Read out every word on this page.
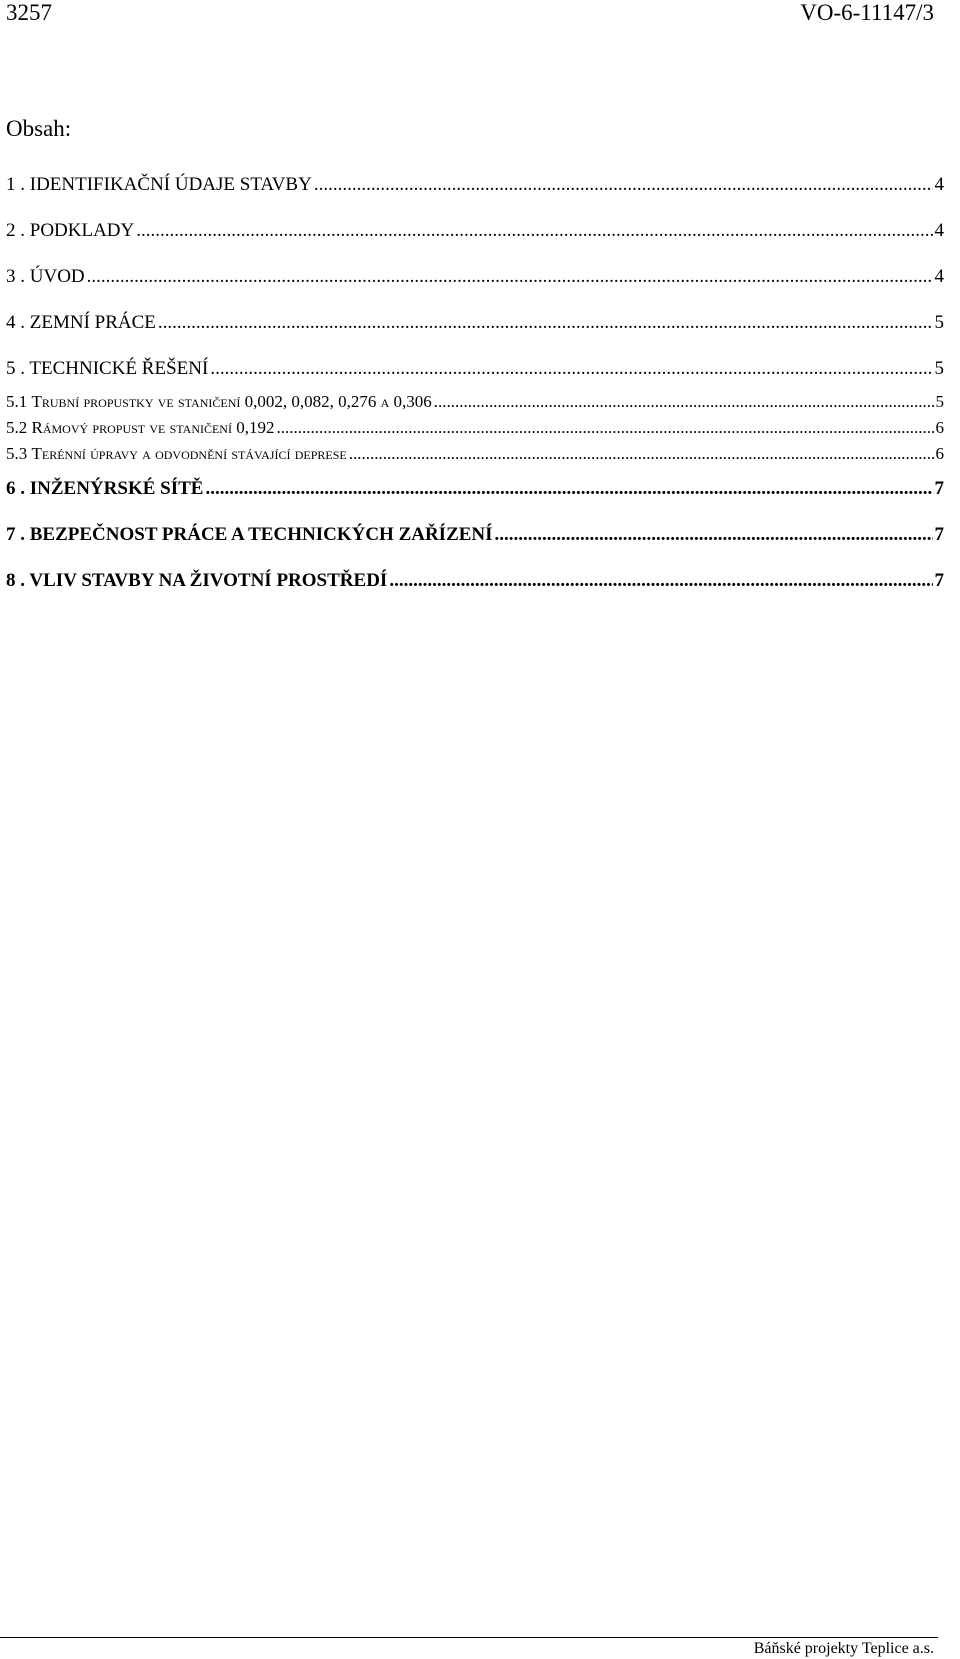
3257	VO-6-11147/3
Obsah:
1 . IDENTIFIKAČNÍ ÚDAJE STAVBY .....	4
2 . PODKLADY .....	4
3 . ÚVOD .....	4
4 . ZEMNÍ PRÁCE .....	5
5 . TECHNICKÉ ŘEŠENÍ .....	5
5.1 Trubní propustky ve staničení 0,002, 0,082, 0,276 a 0,306 .....	5
5.2 Rámový propust ve staničení 0,192 .....	6
5.3 Terénní úpravy a odvodnění stávající deprese .....	6
6 . INŽENÝRSKÉ SÍTĚ .....	7
7 . BEZPEČNOST PRÁCE A TECHNICKÝCH ZAŘÍZENÍ .....	7
8 . VLIV STAVBY NA ŽIVOTNÍ PROSTŘEDÍ .....	7
Báňské projekty Teplice a.s.
